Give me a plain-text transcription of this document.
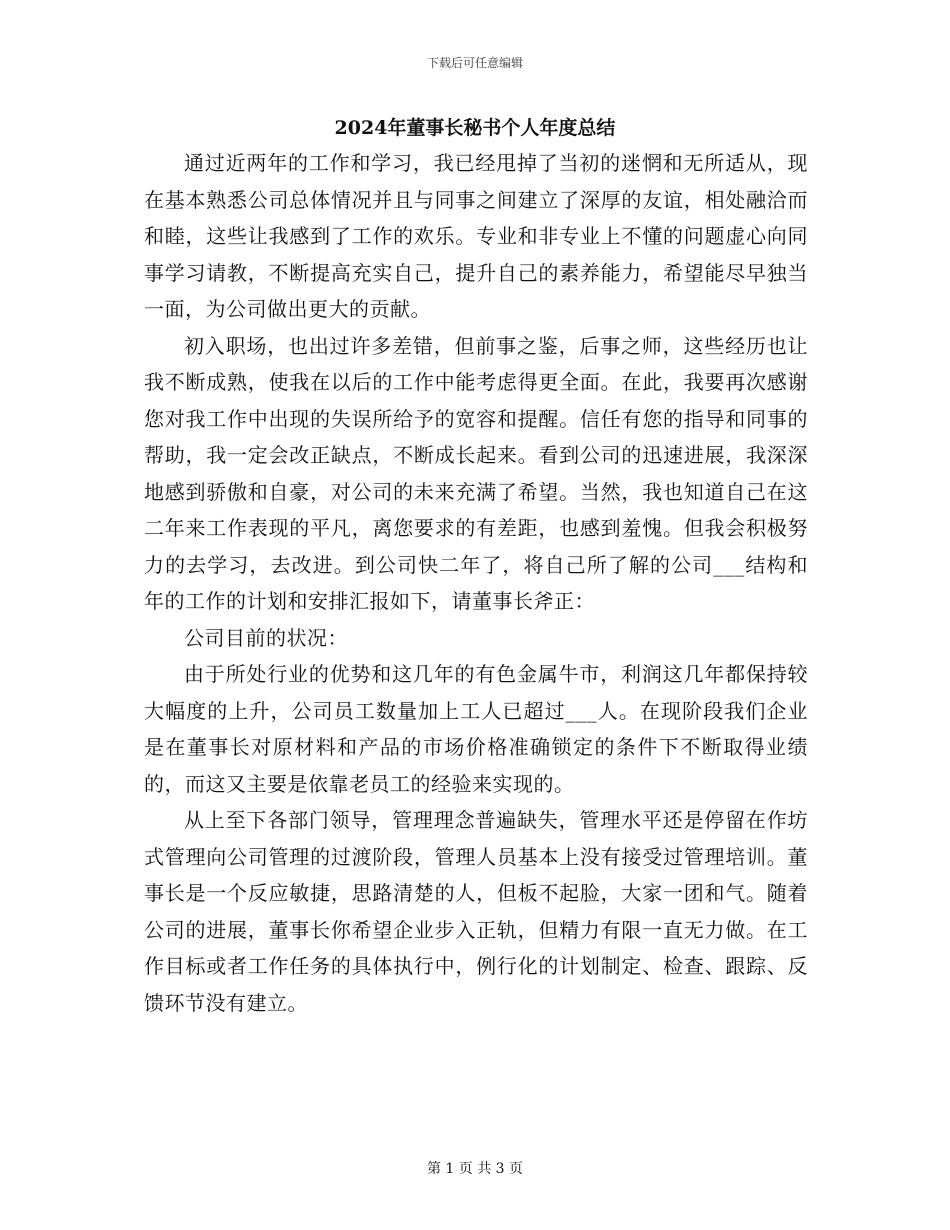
下载后可任意编辑
2024年董事长秘书个人年度总结

通过近两年的工作和学习，我已经甩掉了当初的迷惘和无所适从，现在基本熟悉公司总体情况并且与同事之间建立了深厚的友谊，相处融洽而和睦，这些让我感到了工作的欢乐。专业和非专业上不懂的问题虚心向同事学习请教，不断提高充实自己，提升自己的素养能力，希望能尽早独当一面，为公司做出更大的贡献。

初入职场，也出过许多差错，但前事之鉴，后事之师，这些经历也让我不断成熟，使我在以后的工作中能考虑得更全面。在此，我要再次感谢您对我工作中出现的失误所给予的宽容和提醒。信任有您的指导和同事的帮助，我一定会改正缺点，不断成长起来。看到公司的迅速进展，我深深地感到骄傲和自豪，对公司的未来充满了希望。当然，我也知道自己在这二年来工作表现的平凡，离您要求的有差距，也感到羞愧。但我会积极努力的去学习，去改进。到公司快二年了，将自己所了解的公司___结构和年的工作的计划和安排汇报如下，请董事长斧正：

公司目前的状况：

由于所处行业的优势和这几年的有色金属牛市，利润这几年都保持较大幅度的上升，公司员工数量加上工人已超过___人。在现阶段我们企业是在董事长对原材料和产品的市场价格准确锁定的条件下不断取得业绩的，而这又主要是依靠老员工的经验来实现的。

从上至下各部门领导，管理理念普遍缺失，管理水平还是停留在作坊式管理向公司管理的过渡阶段，管理人员基本上没有接受过管理培训。董事长是一个反应敏捷，思路清楚的人，但板不起脸，大家一团和气。随着公司的进展，董事长你希望企业步入正轨，但精力有限一直无力做。在工作目标或者工作任务的具体执行中，例行化的计划制定、检查、跟踪、反馈环节没有建立。

第 1 页 共 3 页
